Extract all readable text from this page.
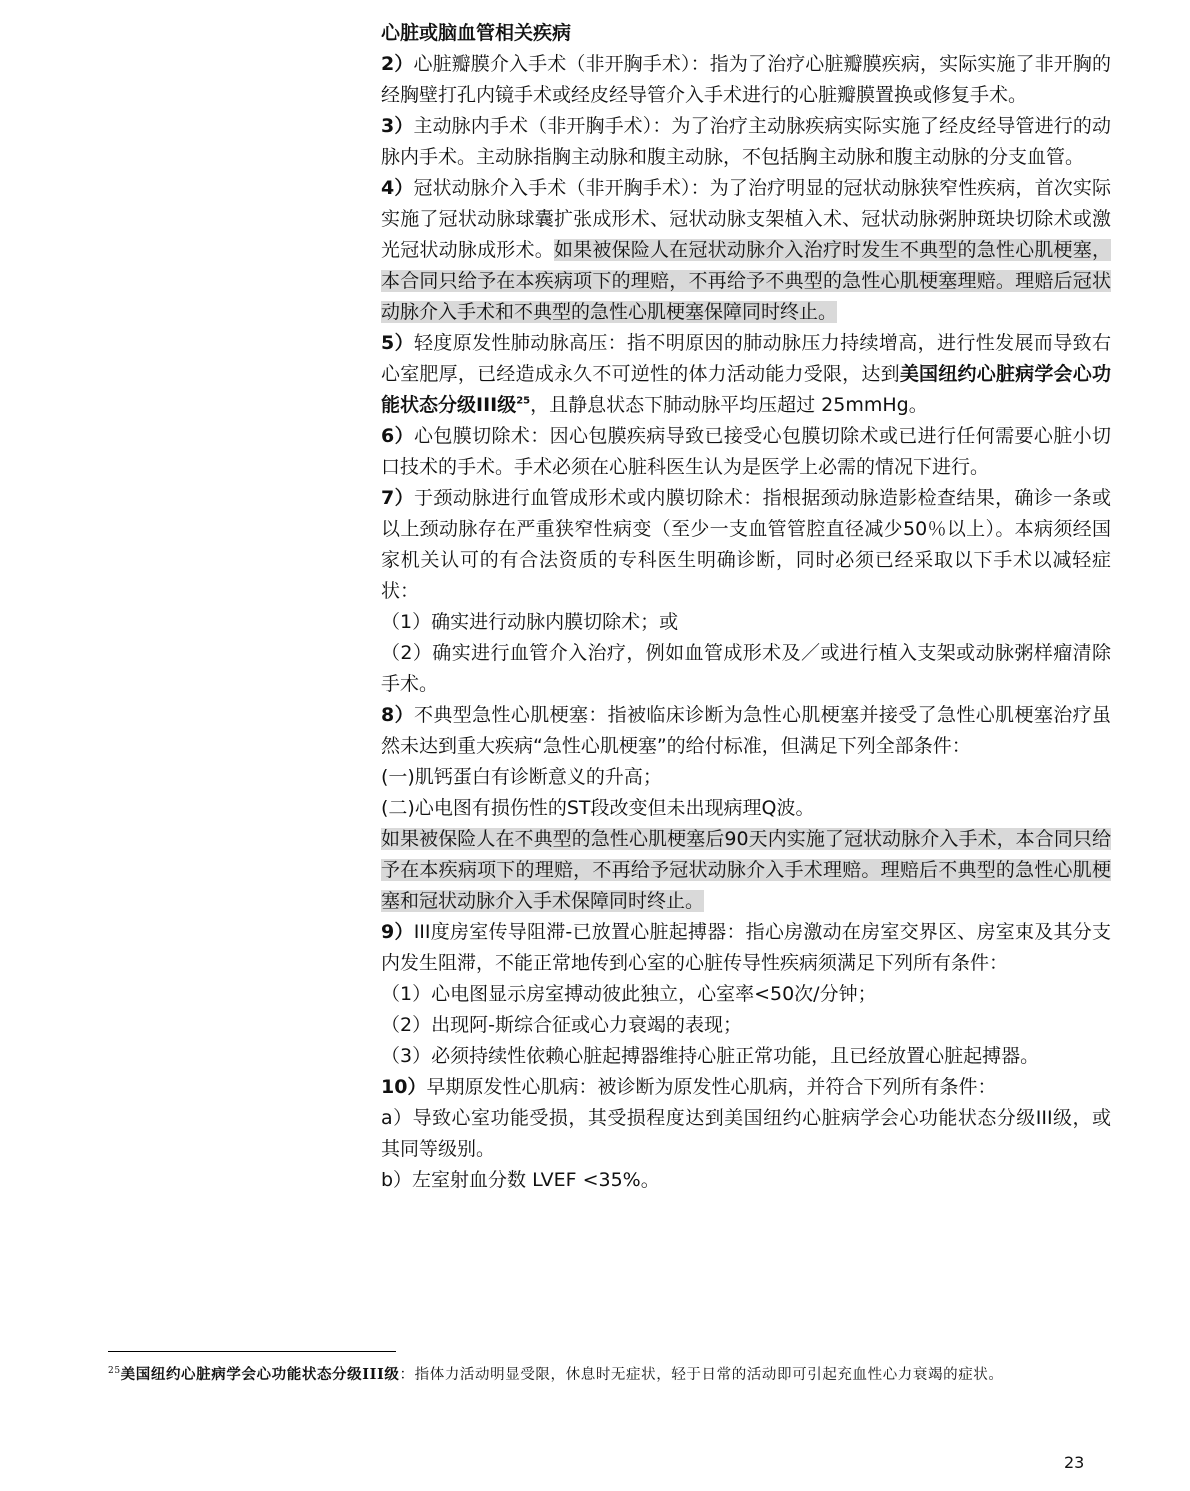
心脏或脑血管相关疾病

2）心脏瓣膜介入手术（非开胸手术）：指为了治疗心脏瓣膜疾病，实际实施了非开胸的经胸壁打孔内镜手术或经皮经导管介入手术进行的心脏瓣膜置换或修复手术。

3）主动脉内手术（非开胸手术）：为了治疗主动脉疾病实际实施了经皮经导管进行的动脉内手术。主动脉指胸主动脉和腹主动脉，不包括胸主动脉和腹主动脉的分支血管。

4）冠状动脉介入手术（非开胸手术）：为了治疗明显的冠状动脉狭窄性疾病，首次实际实施了冠状动脉球囊扩张成形术、冠状动脉支架植入术、冠状动脉粥肿斑块切除术或激光冠状动脉成形术。如果被保险人在冠状动脉介入治疗时发生不典型的急性心肌梗塞，本合同只给予在本疾病项下的理赔，不再给予不典型的急性心肌梗塞理赔。理赔后冠状动脉介入手术和不典型的急性心肌梗塞保障同时终止。

5）轻度原发性肺动脉高压：指不明原因的肺动脉压力持续增高，进行性发展而导致右心室肥厚，已经造成永久不可逆性的体力活动能力受限，达到美国纽约心脏病学会心功能状态分级III级$^{25}$，且静息状态下肺动脉平均压超过 25mmHg。

6）心包膜切除术：因心包膜疾病导致已接受心包膜切除术或已进行任何需要心脏小切口技术的手术。手术必须在心脏科医生认为是医学上必需的情况下进行。

7）于颈动脉进行血管成形术或内膜切除术：指根据颈动脉造影检查结果，确诊一条或以上颈动脉存在严重狭窄性病变（至少一支血管管腔直径减少50％以上）。本病须经国家机关认可的有合法资质的专科医生明确诊断，同时必须已经采取以下手术以减轻症状：

（1）确实进行动脉内膜切除术；或

（2）确实进行血管介入治疗，例如血管成形术及／或进行植入支架或动脉粥样瘤清除手术。

8）不典型急性心肌梗塞：指被临床诊断为急性心肌梗塞并接受了急性心肌梗塞治疗虽然未达到重大疾病“急性心肌梗塞”的给付标准，但满足下列全部条件：

(一)肌钙蛋白有诊断意义的升高；

(二)心电图有损伤性的ST段改变但未出现病理Q波。

如果被保险人在不典型的急性心肌梗塞后90天内实施了冠状动脉介入手术，本合同只给予在本疾病项下的理赔，不再给予冠状动脉介入手术理赔。理赔后不典型的急性心肌梗塞和冠状动脉介入手术保障同时终止。

9）III度房室传导阻滞-已放置心脏起搏器：指心房激动在房室交界区、房室束及其分支内发生阻滞，不能正常地传到心室的心脏传导性疾病须满足下列所有条件：

（1）心电图显示房室搏动彼此独立，心室率<50次/分钟；

（2）出现阿-斯综合征或心力衰竭的表现；

（3）必须持续性依赖心脏起搏器维持心脏正常功能，且已经放置心脏起搏器。

10）早期原发性心肌病：被诊断为原发性心肌病，并符合下列所有条件：

a）导致心室功能受损，其受损程度达到美国纽约心脏病学会心功能状态分级III级，或其同等级别。

b）左室射血分数 LVEF <35%。

$^{25}$美国纽约心脏病学会心功能状态分级III级：指体力活动明显受限，休息时无症状，轻于日常的活动即可引起充血性心力衰竭的症状。
23
